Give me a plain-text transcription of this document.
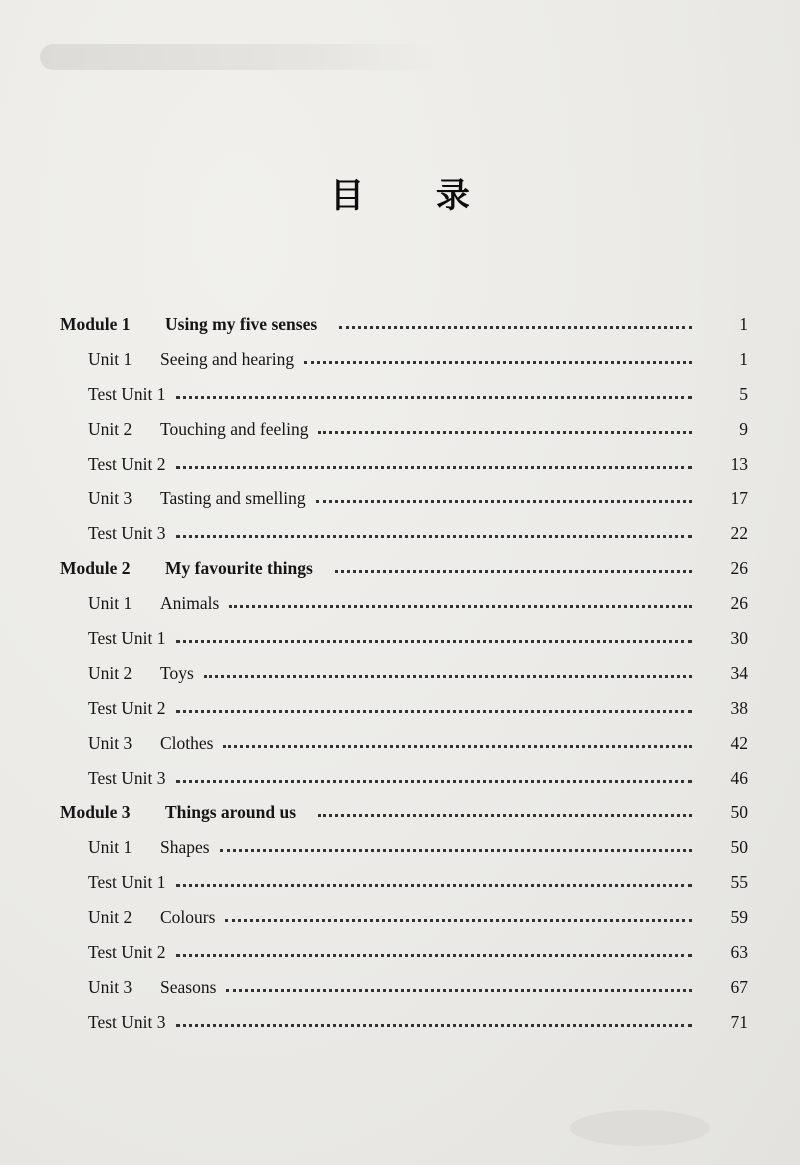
目 录
Module 1	Using my five senses	1
Unit 1	Seeing and hearing	1
Test Unit 1	5
Unit 2	Touching and feeling	9
Test Unit 2	13
Unit 3	Tasting and smelling	17
Test Unit 3	22
Module 2	My favourite things	26
Unit 1	Animals	26
Test Unit 1	30
Unit 2	Toys	34
Test Unit 2	38
Unit 3	Clothes	42
Test Unit 3	46
Module 3	Things around us	50
Unit 1	Shapes	50
Test Unit 1	55
Unit 2	Colours	59
Test Unit 2	63
Unit 3	Seasons	67
Test Unit 3	71
